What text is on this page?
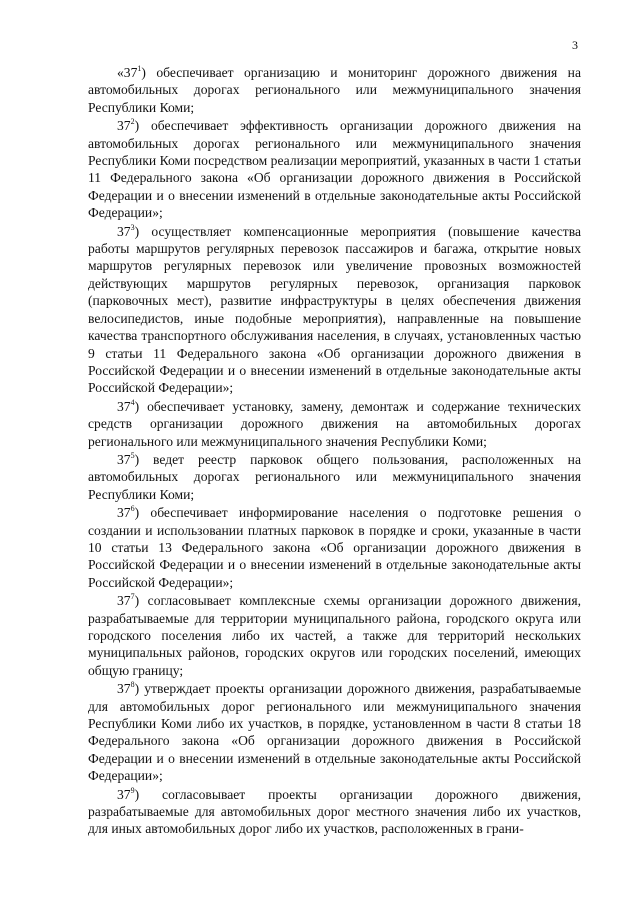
3

«$37^1$) обеспечивает организацию и мониторинг дорожного движения на автомобильных дорогах регионального или межмуниципального значения Республики Коми;

$37^2$) обеспечивает эффективность организации дорожного движения на автомобильных дорогах регионального или межмуниципального значения Республики Коми посредством реализации мероприятий, указанных в части 1 статьи 11 Федерального закона «Об организации дорожного движения в Российской Федерации и о внесении изменений в отдельные законодательные акты Российской Федерации»;

$37^3$) осуществляет компенсационные мероприятия (повышение качества работы маршрутов регулярных перевозок пассажиров и багажа, открытие новых маршрутов регулярных перевозок или увеличение провозных возможностей действующих маршрутов регулярных перевозок, организация парковок (парковочных мест), развитие инфраструктуры в целях обеспечения движения велосипедистов, иные подобные мероприятия), направленные на повышение качества транспортного обслуживания населения, в случаях, установленных частью 9 статьи 11 Федерального закона «Об организации дорожного движения в Российской Федерации и о внесении изменений в отдельные законодательные акты Российской Федерации»;

$37^4$) обеспечивает установку, замену, демонтаж и содержание технических средств организации дорожного движения на автомобильных дорогах регионального или межмуниципального значения Республики Коми;

$37^5$) ведет реестр парковок общего пользования, расположенных на автомобильных дорогах регионального или межмуниципального значения Республики Коми;

$37^6$) обеспечивает информирование населения о подготовке решения о создании и использовании платных парковок в порядке и сроки, указанные в части 10 статьи 13 Федерального закона «Об организации дорожного движения в Российской Федерации и о внесении изменений в отдельные законодательные акты Российской Федерации»;

$37^7$) согласовывает комплексные схемы организации дорожного движения, разрабатываемые для территории муниципального района, городского округа или городского поселения либо их частей, а также для территорий нескольких муниципальных районов, городских округов или городских поселений, имеющих общую границу;

$37^8$) утверждает проекты организации дорожного движения, разрабатываемые для автомобильных дорог регионального или межмуниципального значения Республики Коми либо их участков, в порядке, установленном в части 8 статьи 18 Федерального закона «Об организации дорожного движения в Российской Федерации и о внесении изменений в отдельные законодательные акты Российской Федерации»;

$37^9$) согласовывает проекты организации дорожного движения, разрабатываемые для автомобильных дорог местного значения либо их участков, для иных автомобильных дорог либо их участков, расположенных в грани-
